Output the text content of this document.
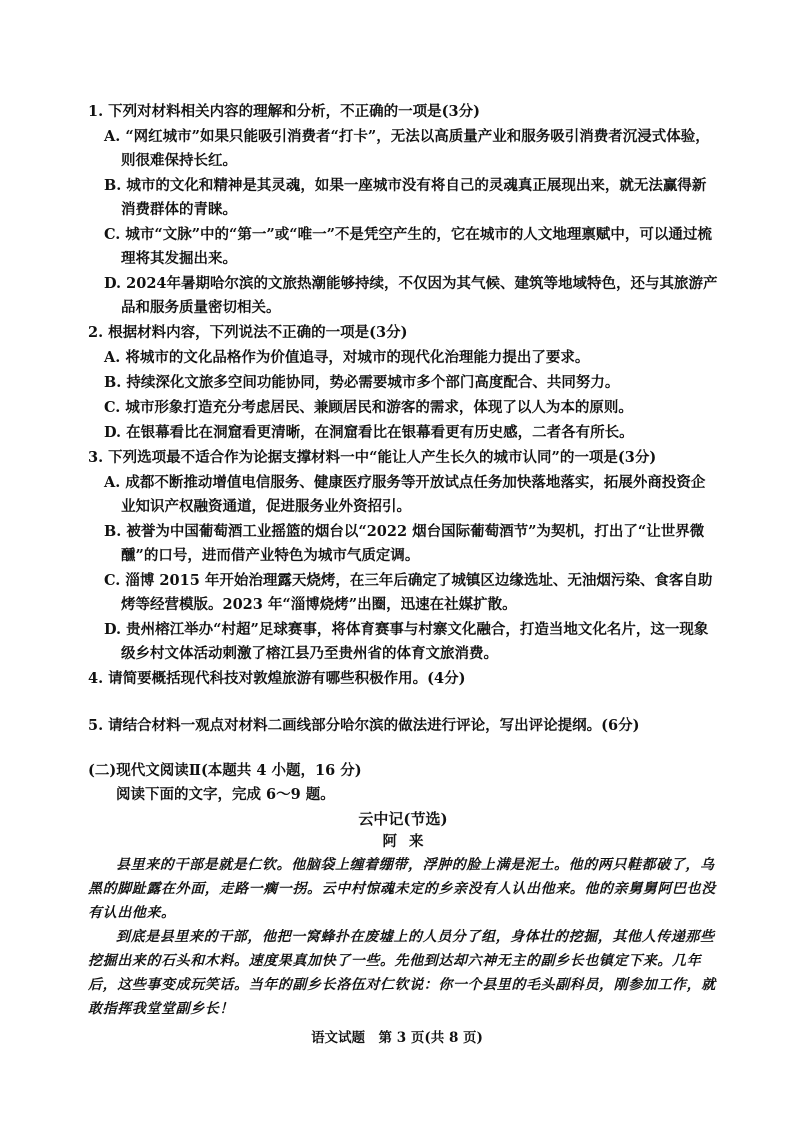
1. 下列对材料相关内容的理解和分析，不正确的一项是(3分)

A. “网红城市”如果只能吸引消费者“打卡”，无法以高质量产业和服务吸引消费者沉浸式体验，则很难保持长红。

B. 城市的文化和精神是其灵魂，如果一座城市没有将自己的灵魂真正展现出来，就无法赢得新消费群体的青睐。

C. 城市“文脉”中的“第一”或“唯一”不是凭空产生的，它在城市的人文地理禀赋中，可以通过梳理将其发掘出来。

D. 2024年暑期哈尔滨的文旅热潮能够持续，不仅因为其气候、建筑等地域特色，还与其旅游产品和服务质量密切相关。

2. 根据材料内容，下列说法不正确的一项是(3分)

A. 将城市的文化品格作为价值追寻，对城市的现代化治理能力提出了要求。

B. 持续深化文旅多空间功能协同，势必需要城市多个部门高度配合、共同努力。

C. 城市形象打造充分考虑居民、兼顾居民和游客的需求，体现了以人为本的原则。

D. 在银幕看比在洞窟看更清晰，在洞窟看比在银幕看更有历史感，二者各有所长。

3. 下列选项最不适合作为论据支撑材料一中“能让人产生长久的城市认同”的一项是(3分)

A. 成都不断推动增值电信服务、健康医疗服务等开放试点任务加快落地落实，拓展外商投资企业知识产权融资通道，促进服务业外资招引。

B. 被誉为中国葡萄酒工业摇篮的烟台以“2022 烟台国际葡萄酒节”为契机，打出了“让世界微醺”的口号，进而借产业特色为城市气质定调。

C. 淄博 2015 年开始治理露天烧烤，在三年后确定了城镇区边缘选址、无油烟污染、食客自助烤等经营模版。2023 年“淄博烧烤”出圈，迅速在社媒扩散。

D. 贵州榕江举办“村超”足球赛事，将体育赛事与村寨文化融合，打造当地文化名片，这一现象级乡村文体活动刺激了榕江县乃至贵州省的体育文旅消费。

4. 请简要概括现代科技对敦煌旅游有哪些积极作用。(4分)

5. 请结合材料一观点对材料二画线部分哈尔滨的做法进行评论，写出评论提纲。(6分)

(二)现代文阅读Ⅱ(本题共 4 小题，16 分)

阅读下面的文字，完成 6～9 题。

云中记(节选)

阿来

县里来的干部是就是仁钦。他脑袋上缠着绷带，浮肿的脸上满是泥土。他的两只鞋都破了，乌黑的脚趾露在外面，走路一瘸一拐。云中村惊魂未定的乡亲没有人认出他来。他的亲舅舅阿巴也没有认出他来。

到底是县里来的干部，他把一窝蜂扑在废墟上的人员分了组，身体壮的挖掘，其他人传递那些挖掘出来的石头和木料。速度果真加快了一些。先他到达却六神无主的副乡长也镇定下来。几年后，这些事变成玩笑话。当年的副乡长洛伍对仁钦说：你一个县里的毛头副科员，刚参加工作，就敢指挥我堂堂副乡长！

语文试题　第 3 页(共 8 页)
